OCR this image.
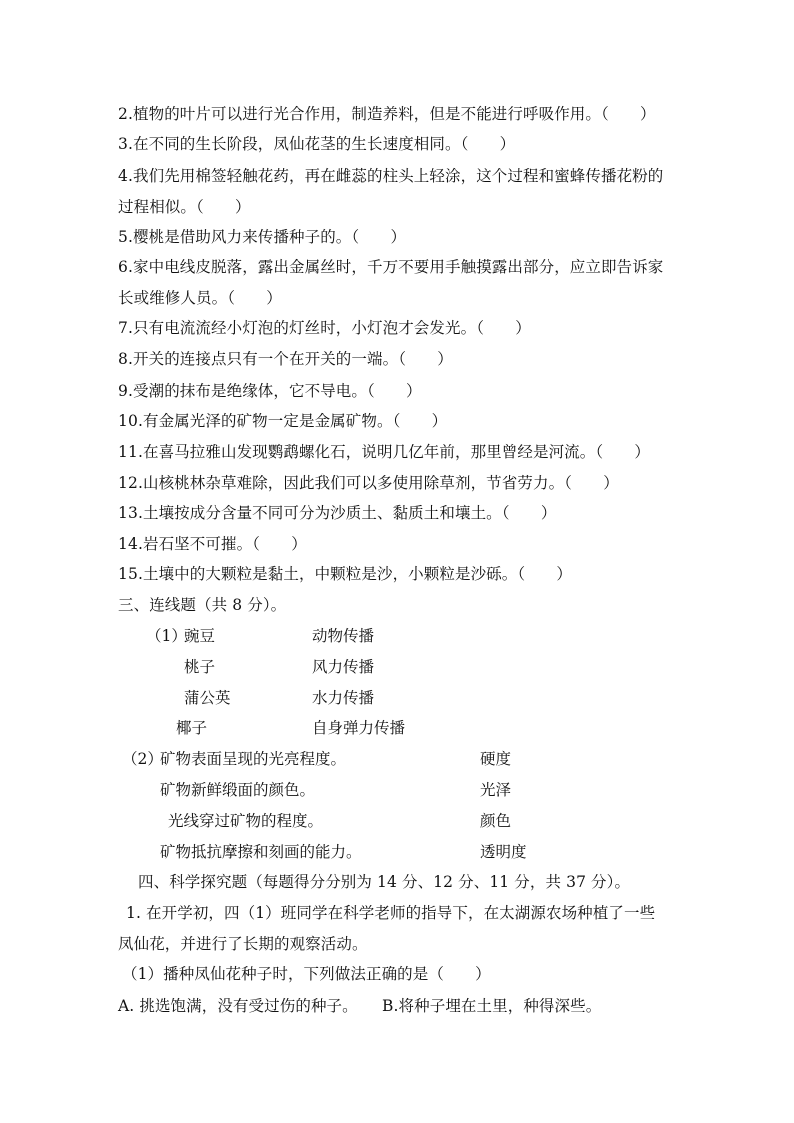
2.植物的叶片可以进行光合作用，制造养料，但是不能进行呼吸作用。（　　）
3.在不同的生长阶段，凤仙花茎的生长速度相同。（　　）
4.我们先用棉签轻触花药，再在雌蕊的柱头上轻涂，这个过程和蜜蜂传播花粉的
过程相似。（　　）
5.樱桃是借助风力来传播种子的。（　　）
6.家中电线皮脱落，露出金属丝时，千万不要用手触摸露出部分，应立即告诉家
长或维修人员。（　　）
7.只有电流流经小灯泡的灯丝时，小灯泡才会发光。（　　）
8.开关的连接点只有一个在开关的一端。（　　）
9.受潮的抹布是绝缘体，它不导电。（　　）
10.有金属光泽的矿物一定是金属矿物。（　　）
11.在喜马拉雅山发现鹦鹉螺化石，说明几亿年前，那里曾经是河流。（　　）
12.山核桃林杂草难除，因此我们可以多使用除草剂，节省劳力。（　　）
13.土壤按成分含量不同可分为沙质土、黏质土和壤土。（　　）
14.岩石坚不可摧。（　　）
15.土壤中的大颗粒是黏土，中颗粒是沙，小颗粒是沙砾。（　　）
三、连线题（共 8 分）。
（1）
豌豆
桃子
蒲公英
椰子
动物传播
风力传播
水力传播
自身弹力传播
（2）
矿物表面呈现的光亮程度。
矿物新鲜缎面的颜色。
光线穿过矿物的程度。
矿物抵抗摩擦和刻画的能力。
硬度
光泽
颜色
透明度
四、科学探究题（每题得分分别为 14 分、12 分、11 分，共 37 分）。
1. 在开学初，四（1）班同学在科学老师的指导下，在太湖源农场种植了一些
凤仙花，并进行了长期的观察活动。
（1）播种凤仙花种子时，下列做法正确的是（　　）
A. 挑选饱满，没有受过伤的种子。 B.将种子埋在土里，种得深些。
